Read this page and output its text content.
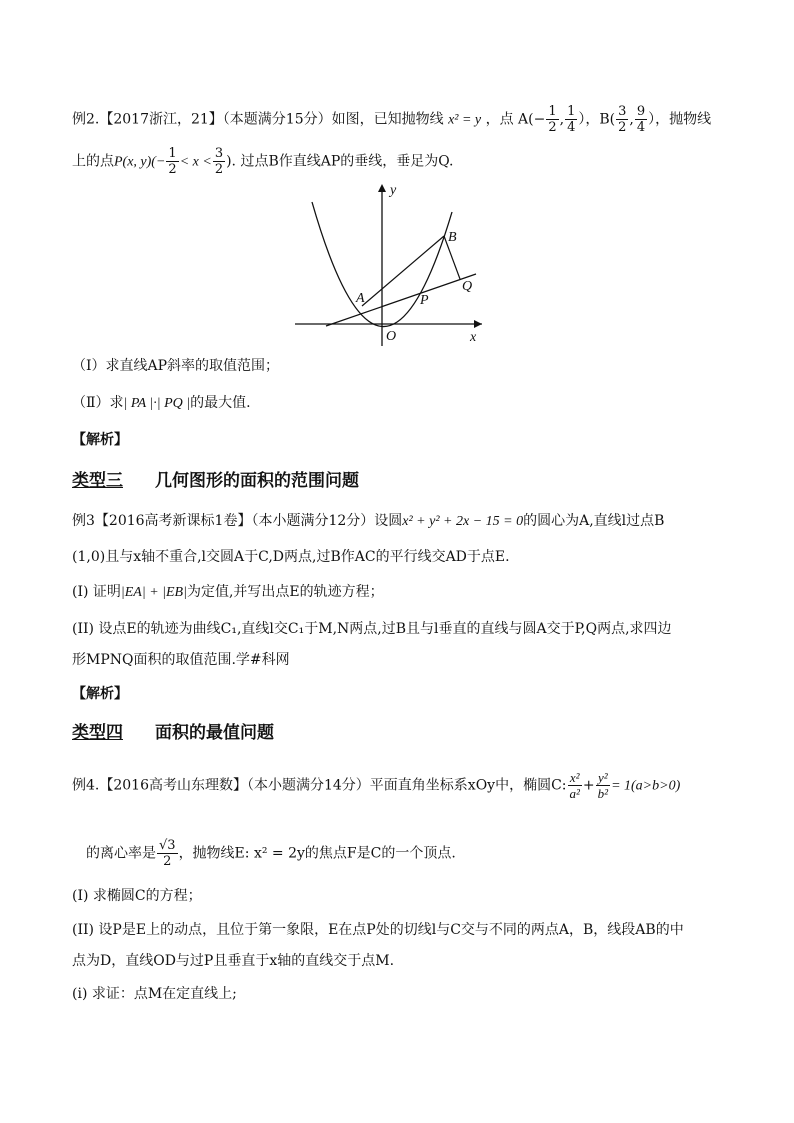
例2.【2017浙江，21】（本题满分15分）如图，已知抛物线 x² = y ，点 $A(- \frac{1}{2}$ , $\frac{1}{4}$ ），$B( \frac{3}{2}$ , $\frac{9}{4}$ ），抛物线
上的点P(x, $y)(- \frac{1}{2} < x < \frac{3}{2}$ ). 过点B作直线AP的垂线，垂足为Q.
y
x
O
A
B
P
Q
（Ⅰ）求直线AP斜率的取值范围；
（Ⅱ）求| PA |·| PQ |的最大值.
【解析】
类型三 几何图形的面积的范围问题
例3【2016高考新课标1卷】（本小题满分12分）设圆x² + y² + 2x − 15 = 0的圆心为A,直线l过点B
(1,0)且与x轴不重合,l交圆A于C,D两点,过B作AC的平行线交AD于点E.
(I) 证明|EA| + |EB|为定值,并写出点E的轨迹方程；
(II) 设点E的轨迹为曲线C₁,直线l交C₁于M,N两点,过B且与l垂直的直线与圆A交于P,Q两点,求四边
形MPNQ面积的取值范围.学#科网
【解析】
类型四 面积的最值问题
例4.【2016高考山东理数】（本小题满分14分）平面直角坐标系xOy中，椭圆C: $\frac{\text{x²}}{\text{a²}} + \frac{\text{y²}}{\text{b²}} = 1(a>b>0)$
的离心率是 $\frac{√3}{2}$ ，抛物线E: x² = 2y的焦点F是C的一个顶点.
(I) 求椭圆C的方程；
(II) 设P是E上的动点，且位于第一象限，E在点P处的切线l与C交与不同的两点A，B，线段AB的中
点为D，直线OD与过P且垂直于x轴的直线交于点M.
(i) 求证：点M在定直线上;
